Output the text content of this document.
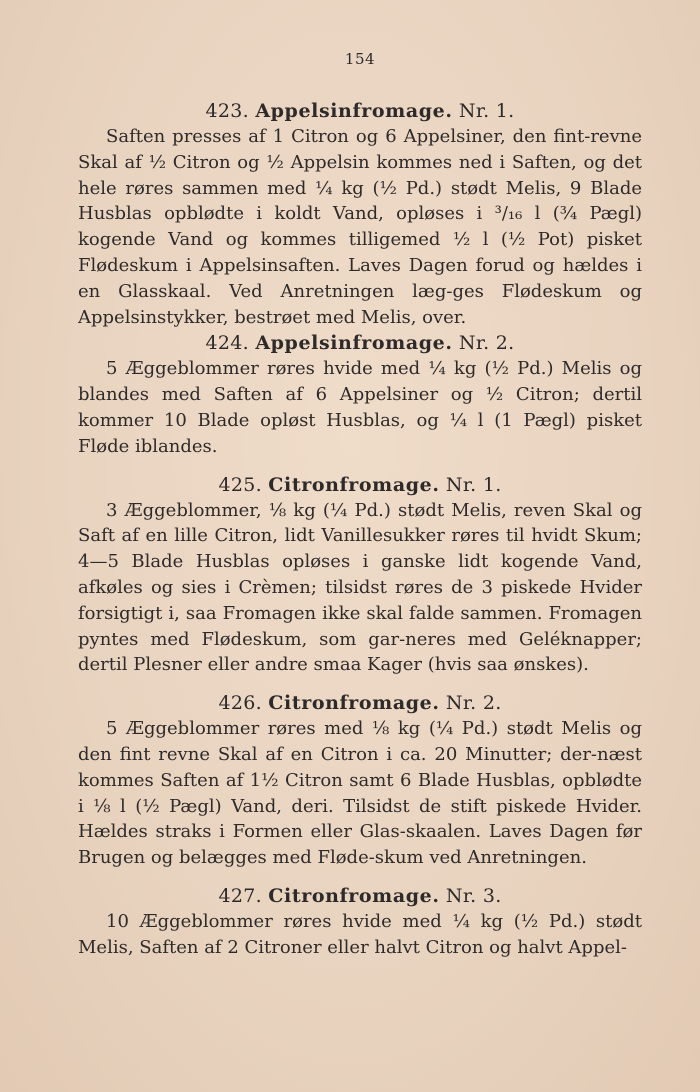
154
423. Appelsinfromage. Nr. 1.

Saften presses af 1 Citron og 6 Appelsiner, den fint-revne Skal af ½ Citron og ½ Appelsin kommes ned i Saften, og det hele røres sammen med ¼ kg (½ Pd.) stødt Melis, 9 Blade Husblas opblødte i koldt Vand, opløses i ³/₁₆ l (¾ Pægl) kogende Vand og kommes tilligemed ½ l (½ Pot) pisket Flødeskum i Appelsinsaften. Laves Dagen forud og hældes i en Glasskaal. Ved Anretningen læg-ges Flødeskum og Appelsinstykker, bestrøet med Melis, over.

424. Appelsinfromage. Nr. 2.

5 Æggeblommer røres hvide med ¼ kg (½ Pd.) Melis og blandes med Saften af 6 Appelsiner og ½ Citron; dertil kommer 10 Blade opløst Husblas, og ¼ l (1 Pægl) pisket Fløde iblandes.

425. Citronfromage. Nr. 1.

3 Æggeblommer, ⅛ kg (¼ Pd.) stødt Melis, reven Skal og Saft af en lille Citron, lidt Vanillesukker røres til hvidt Skum; 4—5 Blade Husblas opløses i ganske lidt kogende Vand, afkøles og sies i Crèmen; tilsidst røres de 3 piskede Hvider forsigtigt i, saa Fromagen ikke skal falde sammen. Fromagen pyntes med Flødeskum, som gar-neres med Geléknapper; dertil Plesner eller andre smaa Kager (hvis saa ønskes).

426. Citronfromage. Nr. 2.

5 Æggeblommer røres med ⅛ kg (¼ Pd.) stødt Melis og den fint revne Skal af en Citron i ca. 20 Minutter; der-næst kommes Saften af 1½ Citron samt 6 Blade Husblas, opblødte i ⅛ l (½ Pægl) Vand, deri. Tilsidst de stift piskede Hvider. Hældes straks i Formen eller Glas-skaalen. Laves Dagen før Brugen og belægges med Fløde-skum ved Anretningen.

427. Citronfromage. Nr. 3.

10 Æggeblommer røres hvide med ¼ kg (½ Pd.) stødt Melis, Saften af 2 Citroner eller halvt Citron og halvt Appel-
